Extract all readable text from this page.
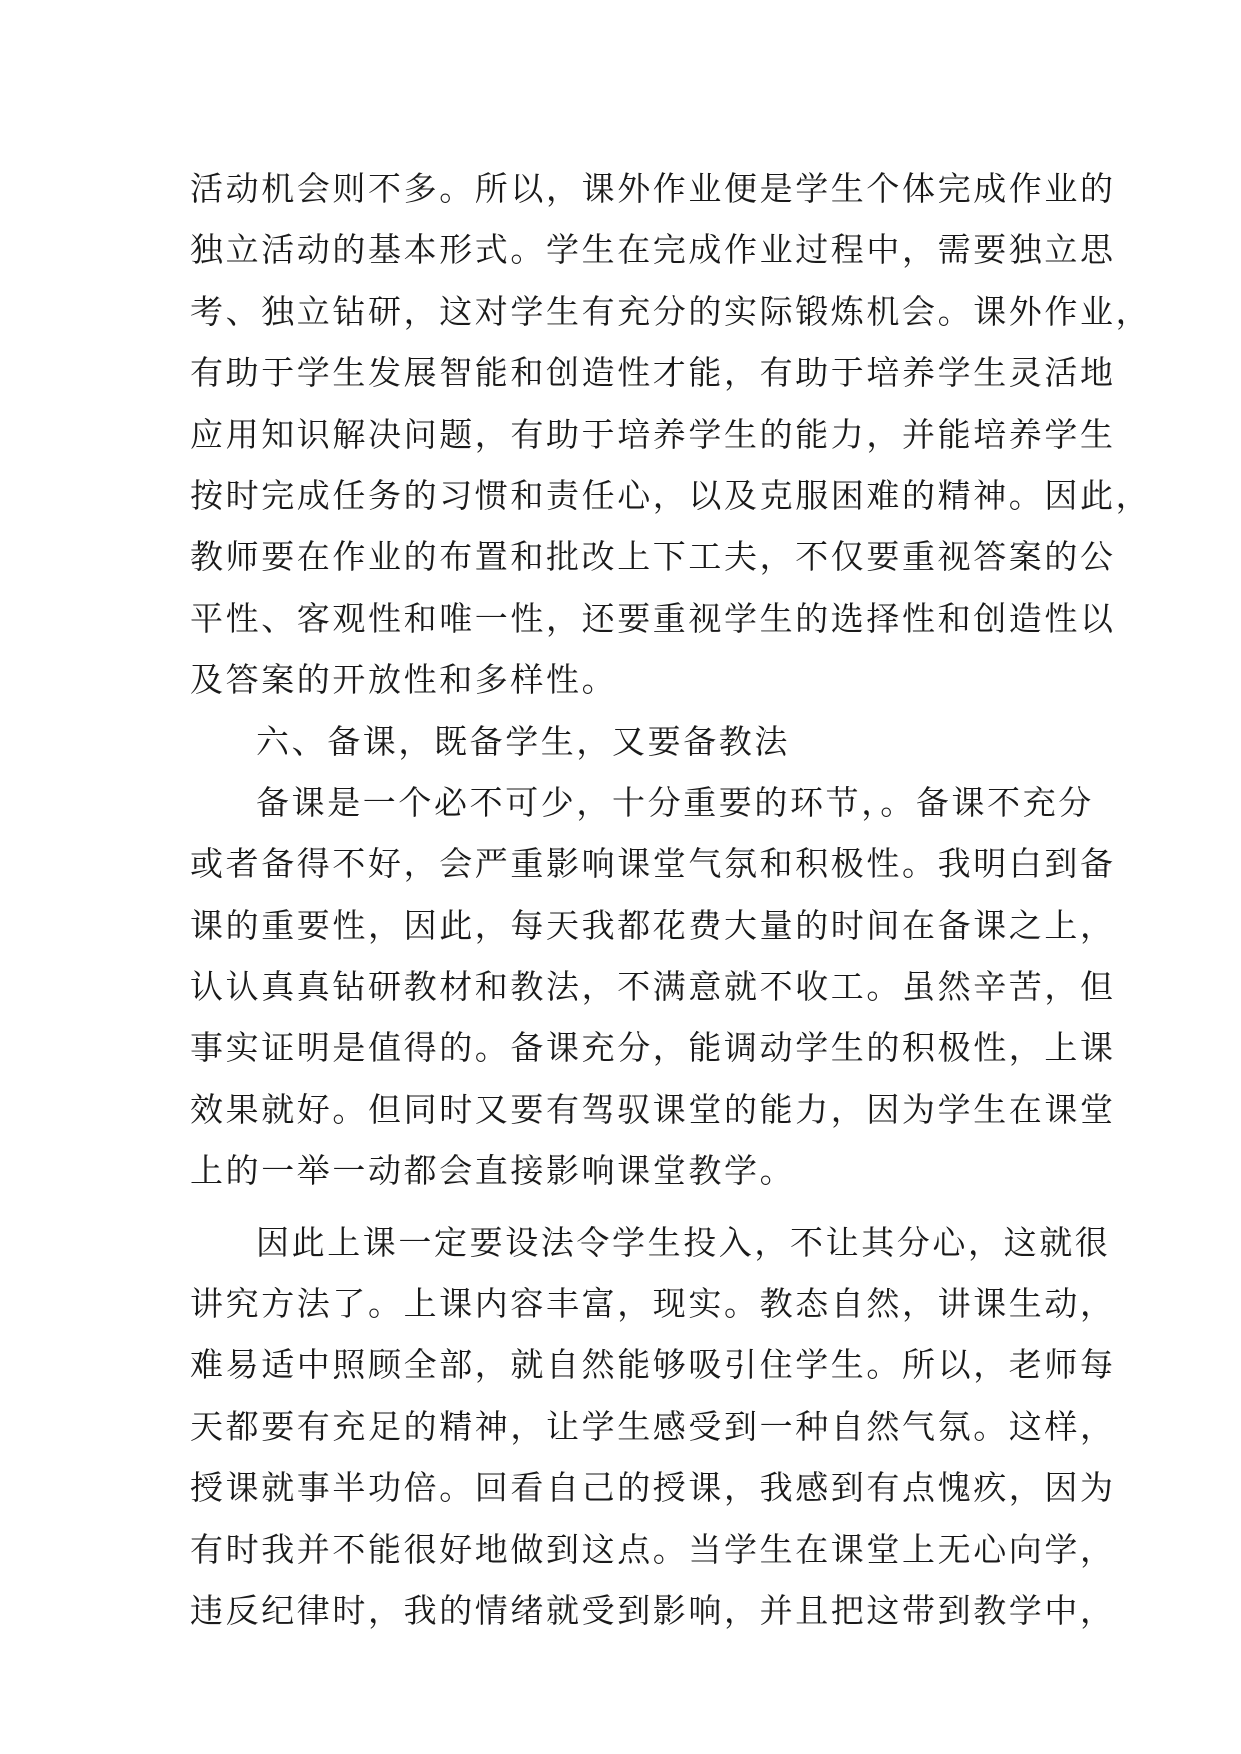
活动机会则不多。所以，课外作业便是学生个体完成作业的
独立活动的基本形式。学生在完成作业过程中，需要独立思
考、独立钻研，这对学生有充分的实际锻炼机会。课外作业，
有助于学生发展智能和创造性才能，有助于培养学生灵活地
应用知识解决问题，有助于培养学生的能力，并能培养学生
按时完成任务的习惯和责任心，以及克服困难的精神。因此，
教师要在作业的布置和批改上下工夫，不仅要重视答案的公
平性、客观性和唯一性，还要重视学生的选择性和创造性以
及答案的开放性和多样性。
六、备课，既备学生，又要备教法
备课是一个必不可少，十分重要的环节，。备课不充分
或者备得不好，会严重影响课堂气氛和积极性。我明白到备
课的重要性，因此，每天我都花费大量的时间在备课之上，
认认真真钻研教材和教法，不满意就不收工。虽然辛苦，但
事实证明是值得的。备课充分，能调动学生的积极性，上课
效果就好。但同时又要有驾驭课堂的能力，因为学生在课堂
上的一举一动都会直接影响课堂教学。
因此上课一定要设法令学生投入，不让其分心，这就很
讲究方法了。上课内容丰富，现实。教态自然，讲课生动，
难易适中照顾全部，就自然能够吸引住学生。所以，老师每
天都要有充足的精神，让学生感受到一种自然气氛。这样，
授课就事半功倍。回看自己的授课，我感到有点愧疚，因为
有时我并不能很好地做到这点。当学生在课堂上无心向学，
违反纪律时，我的情绪就受到影响，并且把这带到教学中，
